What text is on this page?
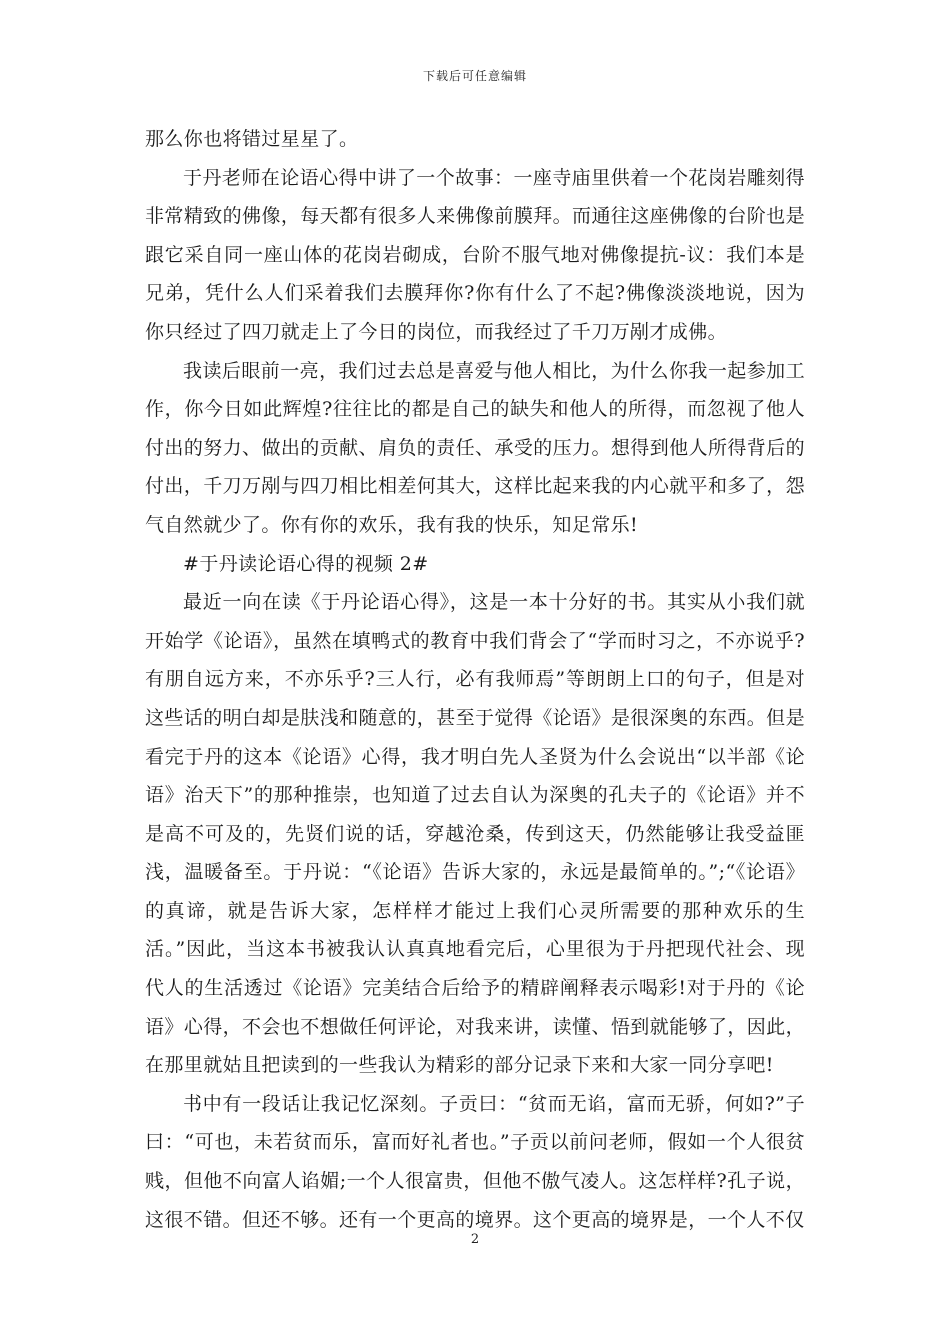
下载后可任意编辑

那么你也将错过星星了。

于丹老师在论语心得中讲了一个故事：一座寺庙里供着一个花岗岩雕刻得非常精致的佛像，每天都有很多人来佛像前膜拜。而通往这座佛像的台阶也是跟它采自同一座山体的花岗岩砌成，台阶不服气地对佛像提抗-议：我们本是兄弟，凭什么人们采着我们去膜拜你?你有什么了不起?佛像淡淡地说，因为你只经过了四刀就走上了今日的岗位，而我经过了千刀万剐才成佛。

我读后眼前一亮，我们过去总是喜爱与他人相比，为什么你我一起参加工作，你今日如此辉煌?往往比的都是自己的缺失和他人的所得，而忽视了他人付出的努力、做出的贡献、肩负的责任、承受的压力。想得到他人所得背后的付出，千刀万剐与四刀相比相差何其大，这样比起来我的内心就平和多了，怨气自然就少了。你有你的欢乐，我有我的快乐，知足常乐!

#于丹读论语心得的视频 2#

最近一向在读《于丹论语心得》，这是一本十分好的书。其实从小我们就开始学《论语》，虽然在填鸭式的教育中我们背会了“学而时习之，不亦说乎?有朋自远方来，不亦乐乎?三人行，必有我师焉”等朗朗上口的句子，但是对这些话的明白却是肤浅和随意的，甚至于觉得《论语》是很深奥的东西。但是看完于丹的这本《论语》心得，我才明白先人圣贤为什么会说出“以半部《论语》治天下”的那种推崇，也知道了过去自认为深奥的孔夫子的《论语》并不是高不可及的，先贤们说的话，穿越沧桑，传到这天，仍然能够让我受益匪浅，温暖备至。于丹说：“《论语》告诉大家的，永远是最简单的。”;“《论语》的真谛，就是告诉大家，怎样样才能过上我们心灵所需要的那种欢乐的生活。”因此，当这本书被我认认真真地看完后，心里很为于丹把现代社会、现代人的生活透过《论语》完美结合后给予的精辟阐释表示喝彩!对于丹的《论语》心得，不会也不想做任何评论，对我来讲，读懂、悟到就能够了，因此，在那里就姑且把读到的一些我认为精彩的部分记录下来和大家一同分享吧!

书中有一段话让我记忆深刻。子贡曰：“贫而无谄，富而无骄，何如?”子曰：“可也，未若贫而乐，富而好礼者也。”子贡以前问老师，假如一个人很贫贱，但他不向富人谄媚;一个人很富贵，但他不傲气凌人。这怎样样?孔子说，这很不错。但还不够。还有一个更高的境界。这个更高的境界是，一个人不仅

2
